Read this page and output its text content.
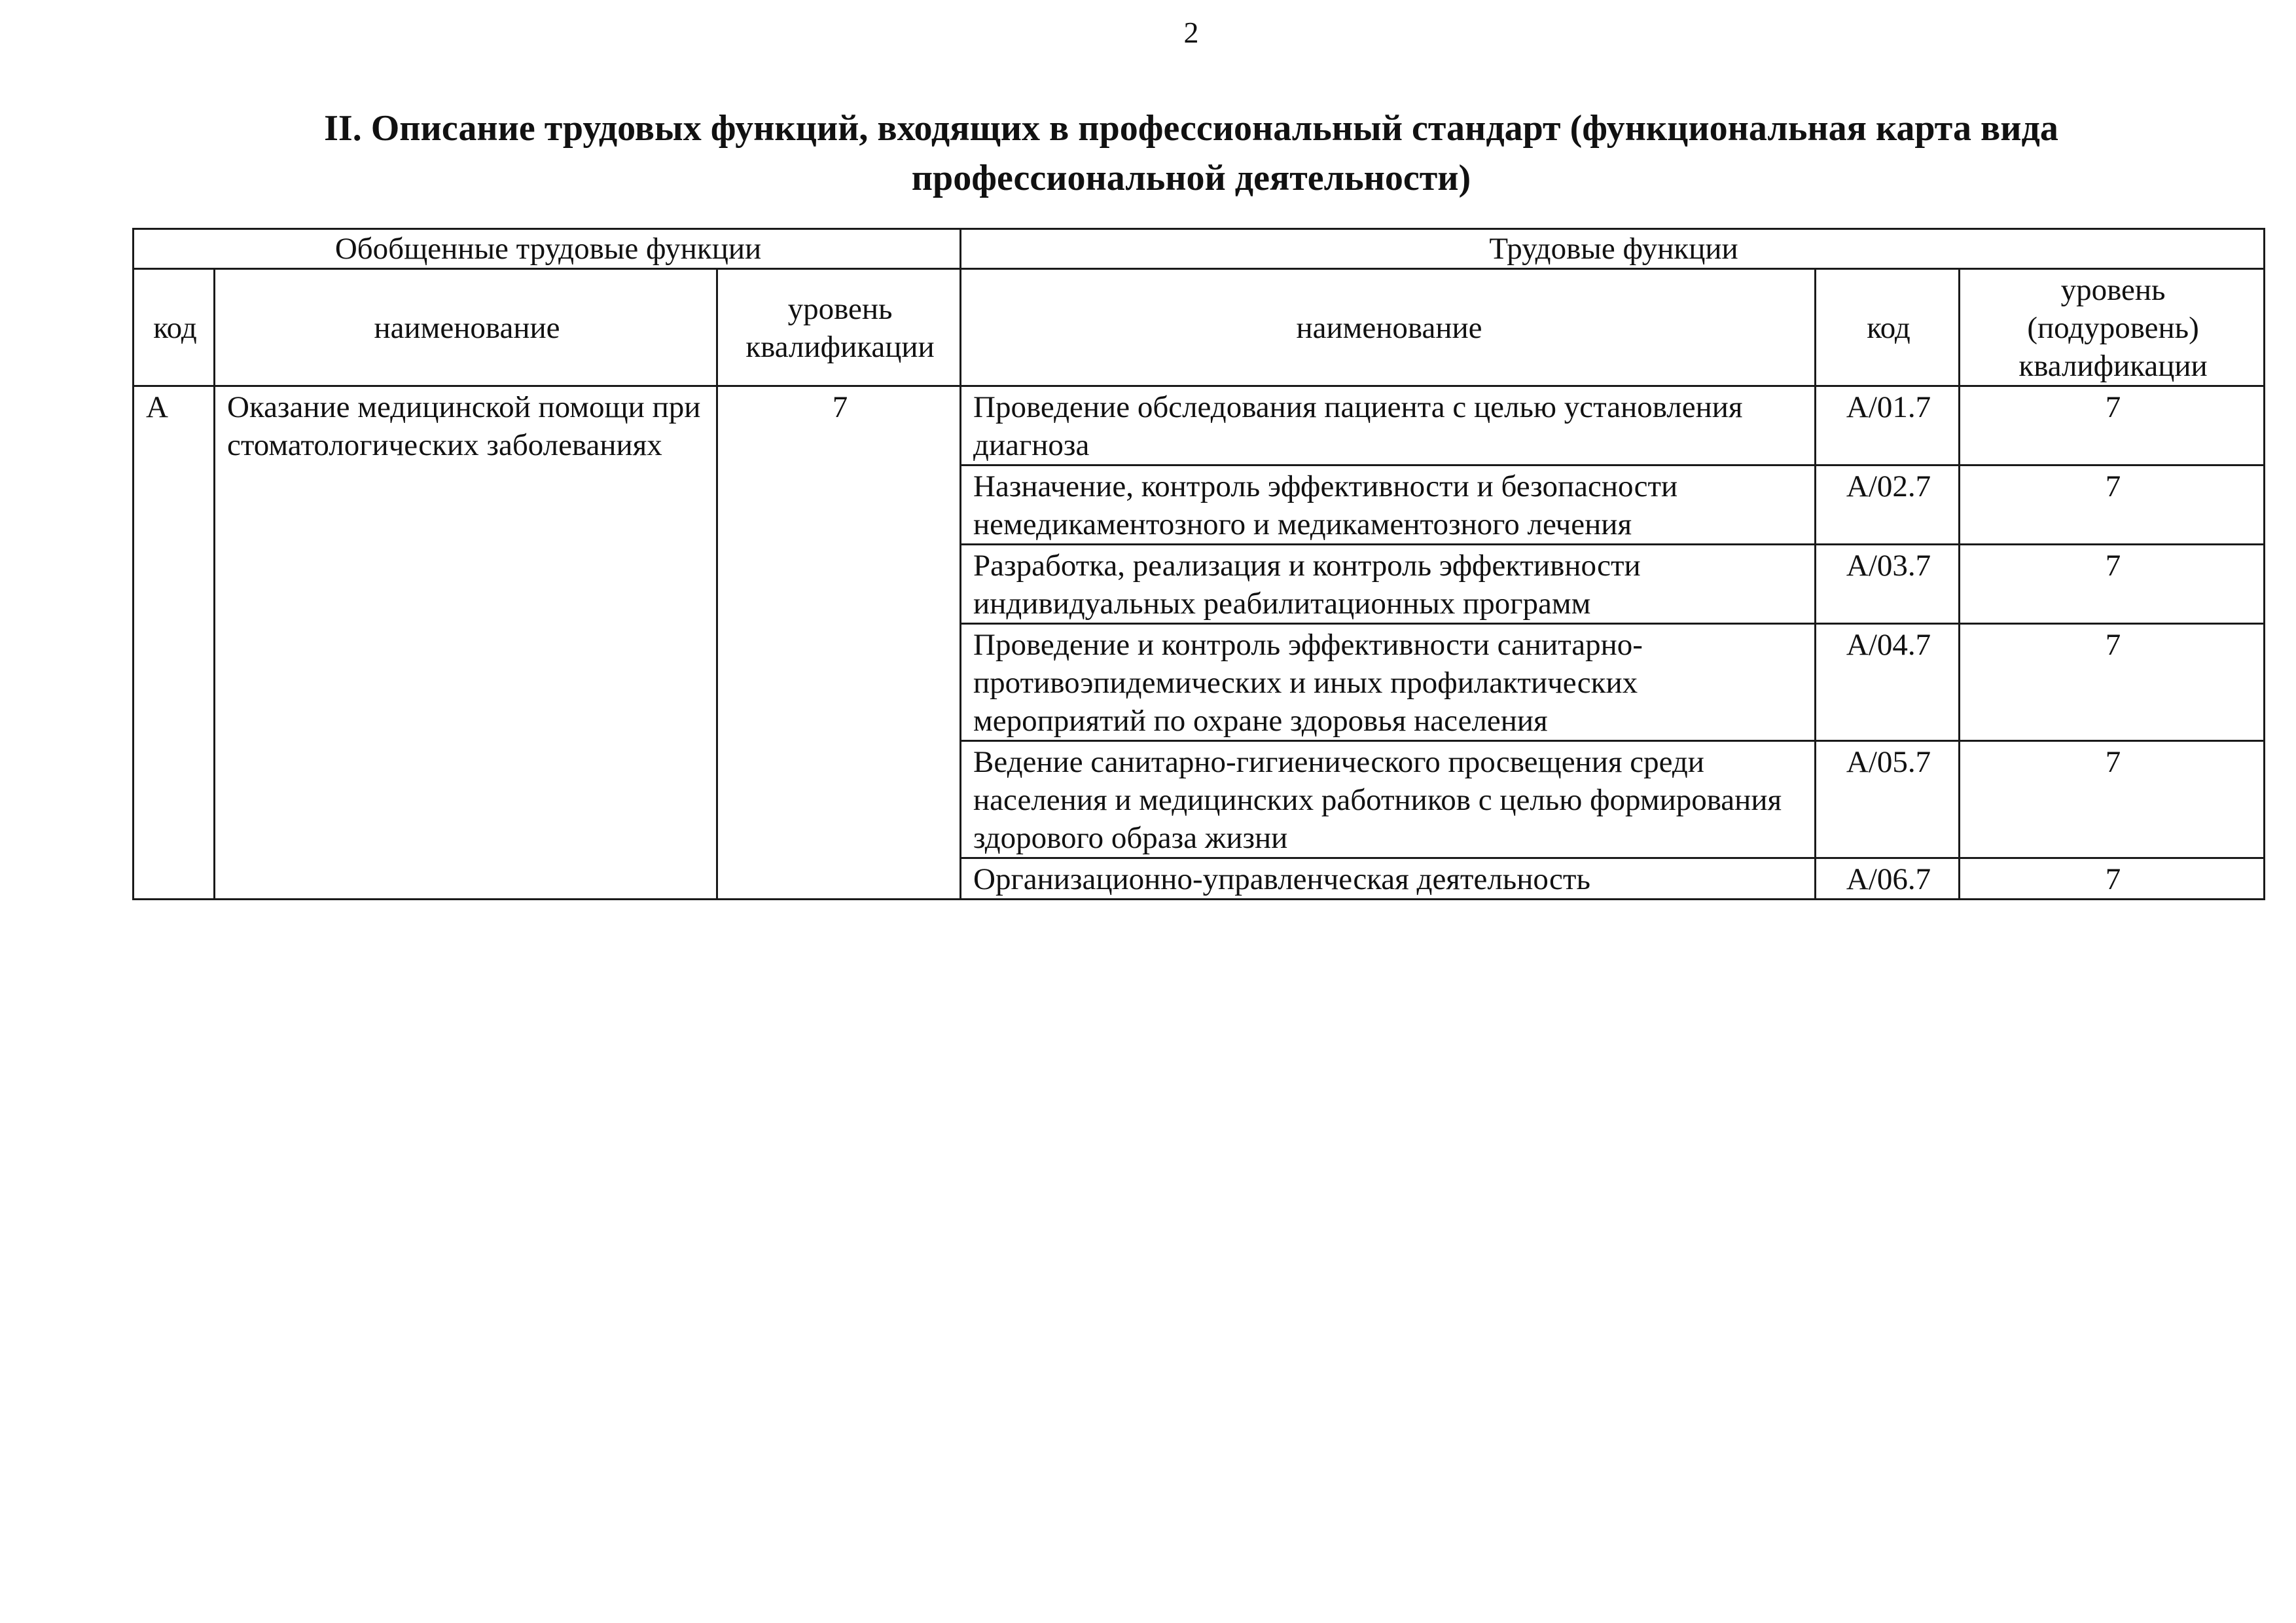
2
II. Описание трудовых функций, входящих в профессиональный стандарт (функциональная карта вида профессиональной деятельности)
Обобщенные трудовые функции			Трудовые функции		
код	наименование	уровень квалификации	наименование	код	уровень (подуровень) квалификации
А	Оказание медицинской помощи при стоматологических заболеваниях	7	Проведение обследования пациента с целью установления диагноза	А/01.7	7
			Назначение, контроль эффективности и безопасности немедикаментозного и медикаментозного лечения	А/02.7	7
			Разработка, реализация и контроль эффективности индивидуальных реабилитационных программ	А/03.7	7
			Проведение и контроль эффективности санитарно-противоэпидемических и иных профилактических мероприятий по охране здоровья населения	А/04.7	7
			Ведение санитарно-гигиенического просвещения среди населения и медицинских работников с целью формирования здорового образа жизни	А/05.7	7
			Организационно-управленческая деятельность	А/06.7	7
